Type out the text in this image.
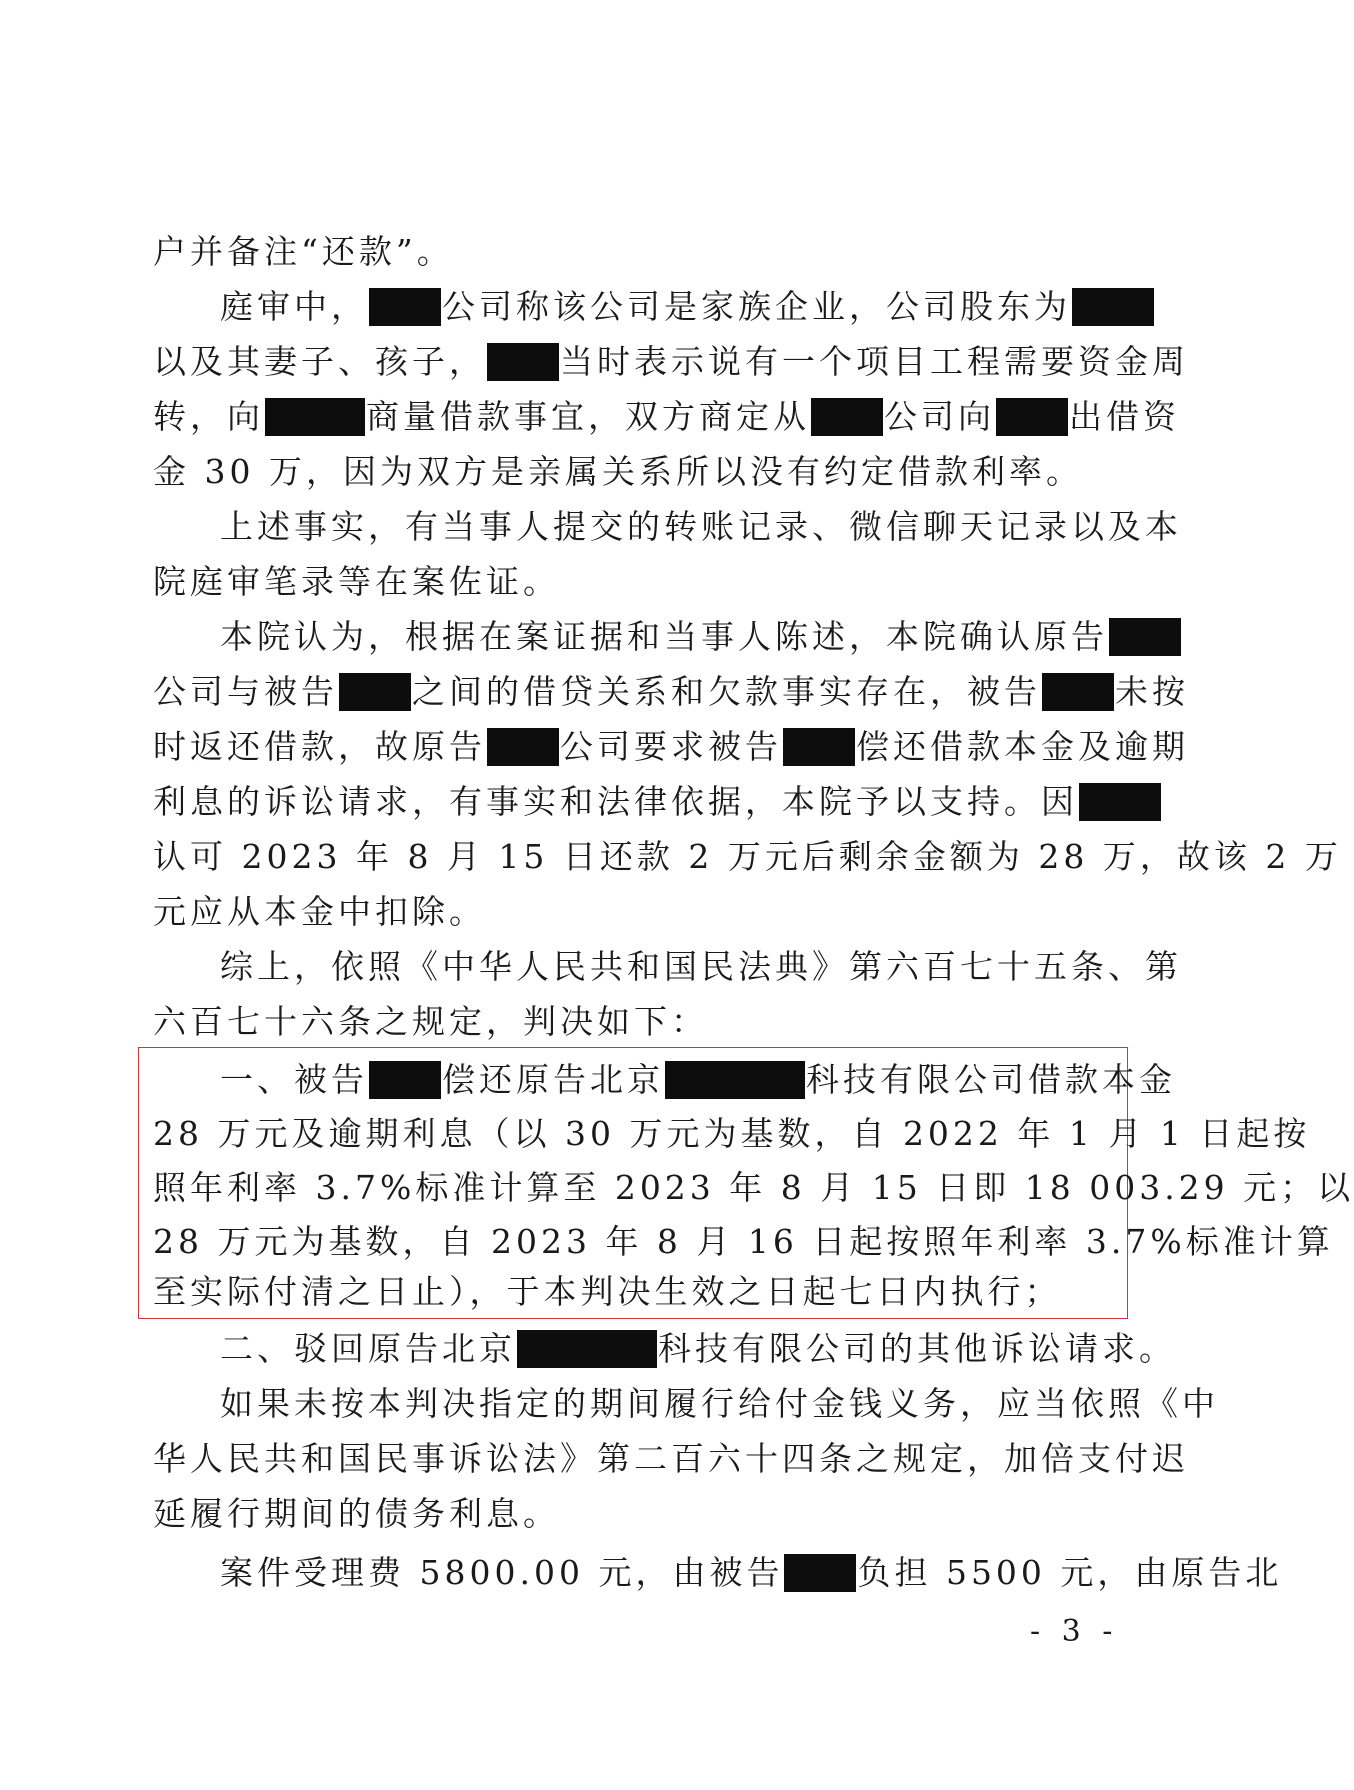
户并备注“还款”。
庭审中， 公司称该公司是家族企业，公司股东为
以及其妻子、孩子， 当时表示说有一个项目工程需要资金周
转，向	商量借款事宜，双方商定从 公司向 出借资
金 30 万，因为双方是亲属关系所以没有约定借款利率。
上述事实，有当事人提交的转账记录、微信聊天记录以及本
院庭审笔录等在案佐证。
本院认为，根据在案证据和当事人陈述，本院确认原告
公司与被告 之间的借贷关系和欠款事实存在，被告 未按
时返还借款，故原告 公司要求被告 偿还借款本金及逾期
利息的诉讼请求，有事实和法律依据，本院予以支持。因
认可 2023 年 8 月 15 日还款 2 万元后剩余金额为 28 万，故该 2 万
元应从本金中扣除。
综上，依照《中华人民共和国民法典》第六百七十五条、第
六百七十六条之规定，判决如下：
一、被告 偿还原告北京	科技有限公司借款本金
28 万元及逾期利息（以 30 万元为基数，自 2022 年 1 月 1 日起按
照年利率 3.7%标准计算至 2023 年 8 月 15 日即 18 003.29 元；以
28 万元为基数，自 2023 年 8 月 16 日起按照年利率 3.7%标准计算
至实际付清之日止），于本判决生效之日起七日内执行；
二、驳回原告北京	科技有限公司的其他诉讼请求。
如果未按本判决指定的期间履行给付金钱义务，应当依照《中
华人民共和国民事诉讼法》第二百六十四条之规定，加倍支付迟
延履行期间的债务利息。
案件受理费 5800.00 元，由被告 负担 5500 元，由原告北
- 3 -
